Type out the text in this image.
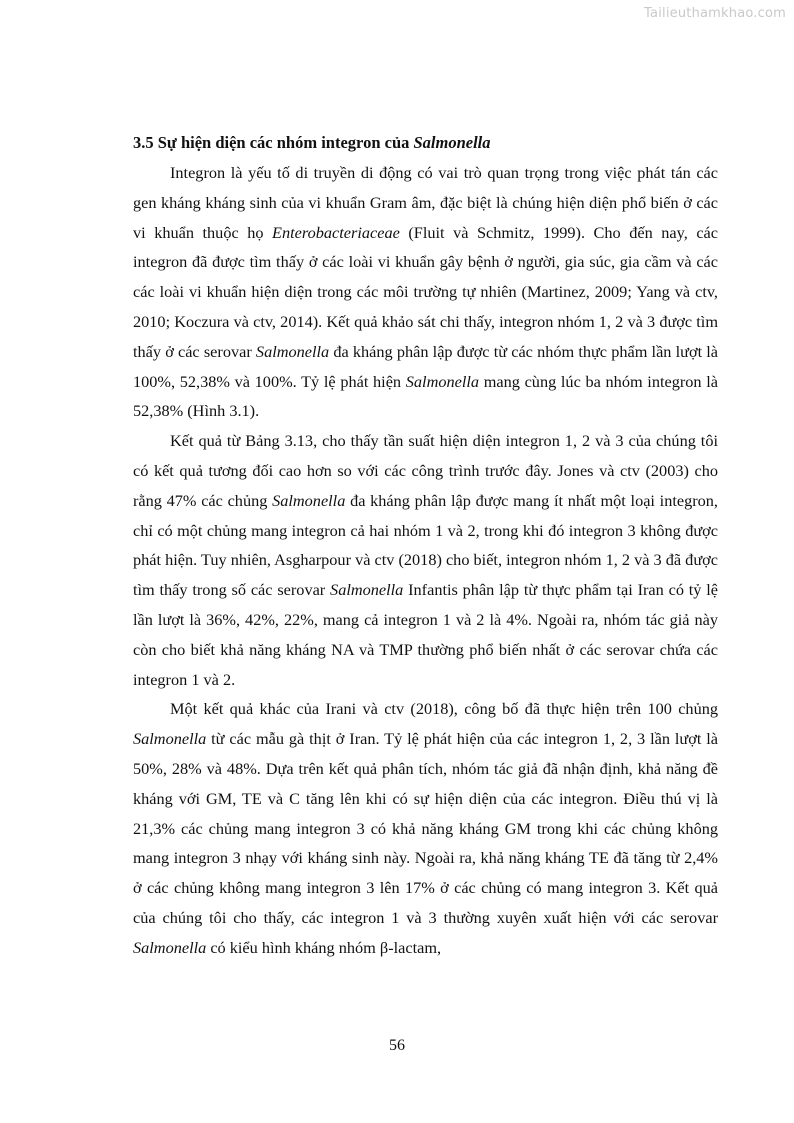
Tailieuthamkhao.com
3.5 Sự hiện diện các nhóm integron của Salmonella

Integron là yếu tố di truyền di động có vai trò quan trọng trong việc phát tán các gen kháng kháng sinh của vi khuẩn Gram âm, đặc biệt là chúng hiện diện phổ biến ở các vi khuẩn thuộc họ Enterobacteriaceae (Fluit và Schmitz, 1999). Cho đến nay, các integron đã được tìm thấy ở các loài vi khuẩn gây bệnh ở người, gia súc, gia cầm và các các loài vi khuẩn hiện diện trong các môi trường tự nhiên (Martinez, 2009; Yang và ctv, 2010; Koczura và ctv, 2014). Kết quả khảo sát chi thấy, integron nhóm 1, 2 và 3 được tìm thấy ở các serovar Salmonella đa kháng phân lập được từ các nhóm thực phẩm lần lượt là 100%, 52,38% và 100%. Tỷ lệ phát hiện Salmonella mang cùng lúc ba nhóm integron là 52,38% (Hình 3.1).

Kết quả từ Bảng 3.13, cho thấy tần suất hiện diện integron 1, 2 và 3 của chúng tôi có kết quả tương đối cao hơn so với các công trình trước đây. Jones và ctv (2003) cho rằng 47% các chủng Salmonella đa kháng phân lập được mang ít nhất một loại integron, chỉ có một chủng mang integron cả hai nhóm 1 và 2, trong khi đó integron 3 không được phát hiện. Tuy nhiên, Asgharpour và ctv (2018) cho biết, integron nhóm 1, 2 và 3 đã được tìm thấy trong số các serovar Salmonella Infantis phân lập từ thực phẩm tại Iran có tỷ lệ lần lượt là 36%, 42%, 22%, mang cả integron 1 và 2 là 4%. Ngoài ra, nhóm tác giả này còn cho biết khả năng kháng NA và TMP thường phổ biến nhất ở các serovar chứa các integron 1 và 2.

Một kết quả khác của Irani và ctv (2018), công bố đã thực hiện trên 100 chủng Salmonella từ các mẫu gà thịt ở Iran. Tỷ lệ phát hiện của các integron 1, 2, 3 lần lượt là 50%, 28% và 48%. Dựa trên kết quả phân tích, nhóm tác giả đã nhận định, khả năng đề kháng với GM, TE và C tăng lên khi có sự hiện diện của các integron. Điều thú vị là 21,3% các chủng mang integron 3 có khả năng kháng GM trong khi các chủng không mang integron 3 nhạy với kháng sinh này. Ngoài ra, khả năng kháng TE đã tăng từ 2,4% ở các chủng không mang integron 3 lên 17% ở các chủng có mang integron 3. Kết quả của chúng tôi cho thấy, các integron 1 và 3 thường xuyên xuất hiện với các serovar Salmonella có kiểu hình kháng nhóm β-lactam,

56
